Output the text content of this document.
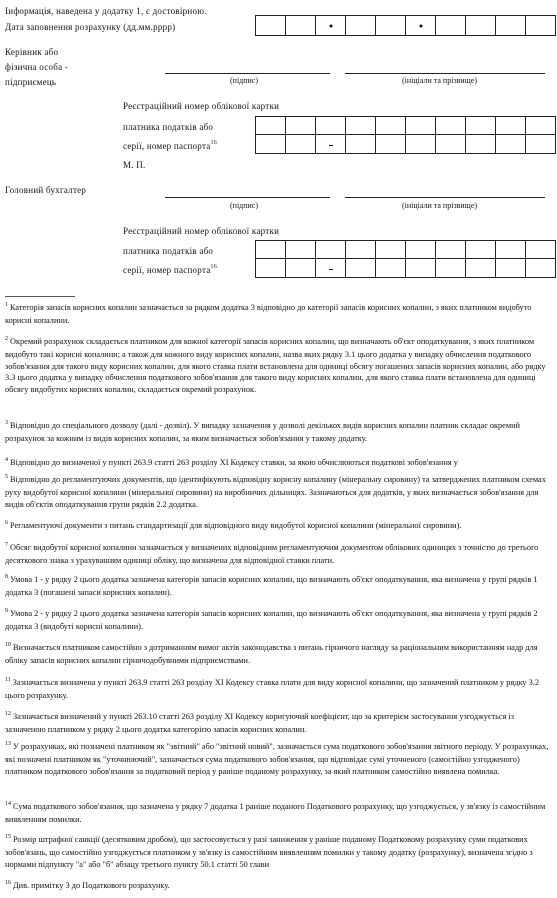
Інформація, наведена у додатку 1, є достовірною.
Дата заповнення розрахунку (дд.мм.рррр)
Керівник або
фізична особа -
підприємець	(підпис)	(ініціали та прізвище)
Реєстраційний номер облікової картки
платника податків або
серії, номер паспорта$^{16}$
М. П.
Головний бухгалтер
(підпис)	(ініціали та прізвище)
Реєстраційний номер облікової картки
платника податків або
серії, номер паспорта$^{16}$
$^1$ Категорія запасів корисних копалин зазначається за рядком додатка 3 відповідно до категорії запасів корисних копалин, з яких платником видобуто корисні копалини.
$^2$ Окремий розрахунок складається платником для кожної категорії запасів корисних копалин, що визначають об'єкт оподаткування, з яких платником видобуто такі корисні копалини; а також для кожного виду корисних копалин, назва яких рядку 3.1 цього додатка у випадку обчислення податкового зобов'язання для такого виду корисних копалин, для якого ставка плати встановлена для одиниці обсягу погашених запасів корисних копалин, або рядку 3.3 цього додатка у випадку обчислення податкового зобов'язання для такого виду корисних копалин, для якого ставка плати встановлена для одиниці обсягу видобутих корисних копалин, складається окремий розрахунок.
$^3$ Відповідно до спеціального дозволу (далі - дозвіл). У випадку зазначення у дозволі декількох видів корисних копалин платник складає окремий розрахунок за кожним із видів корисних копалин, за яким визначається зобов'язання у такому додатку.
$^4$ Відповідно до визначеної у пункті 263.9 статті 263 розділу XI Кодексу ставки, за якою обчислюються податкові зобов'язання у
$^5$ Відповідно до регламентуючих документів, що ідентифікують відповідну корисну копалину (мінеральну сировину) та затверджених платником схемах руху видобутої корисної копалини (мінеральної сировини) на виробничих дільницях. Зазначаються для додатків, у яких визначається зобов'язання для видів об'єктів оподаткування групи рядків 2.2 додатка.
$^6$ Регламентуючі документи з питань стандартизації для відповідного виду видобутої корисної копалини (мінеральної сировини).
$^7$ Обсяг видобутої корисної копалини зазначається у визначених відповідним регламентуючим документом облікових одиницях з точністю до третього десяткового знака з урахуванням одиниці обліку, що визначена для відповідної ставки плати.
$^8$ Умова 1 - у рядку 2 цього додатка зазначена категорія запасів корисних копалин, що визначають об'єкт оподаткування, яка визначена у групі рядків 1 додатка 3 (погашені запаси корисних копалин).
$^9$ Умова 2 - у рядку 2 цього додатка зазначена категорія запасів корисних копалин, що визначають об'єкт оподаткування, яка визначена у групі рядків 2 додатка 3 (видобуті корисні копалини).
$^{10}$ Визначається платником самостійно з дотриманням вимог актів законодавства з питань гірничого нагляду за раціональним використанням надр для обліку запасів корисних копалин гірничодобувними підприємствами.
$^{11}$ Зазначається визначена у пункті 263.9 статті 263 розділу XI Кодексу ставка плати для виду корисної копалини, що зазначений платником у рядку 3.2 цього розрахунку.
$^{12}$ Зазначається визначений у пункті 263.10 статті 263 розділу XI Кодексу коригуючий коефіцієнт, що за критерієм застосування узгоджується із зазначеною платником у рядку 2 цього додатка категорією запасів корисних копалин.
$^{13}$ У розрахунках, які позначені платником як "звітний" або "звітний новий", зазначається сума податкового зобов'язання звітного періоду. У розрахунках, які позначені платником як "уточнюючий", зазначається сума податкового зобов'язання, що відповідає сумі уточненого (самостійно узгодженого) платником податкового зобов'язання за податковий період у раніше поданому розрахунку, за який платником самостійно виявлена помилка.
$^{14}$ Сума податкового зобов'язання, що зазначена у рядку 7 додатка 1 раніше поданого Податкового розрахунку, що узгоджується, у зв'язку із самостійним виявленням помилки.
$^{15}$ Розмір штрафної санкції (десятковим дробом), що застосовується у разі заниження у раніше поданому Податковому розрахунку суми податкових зобов'язань, що самостійно узгоджується платником у зв'язку із самостійним виявленням помилки у такому додатку (розрахунку), визначена згідно з нормами підпункту "а" або "б" абзацу третього пункту 50.1 статті 50 глави
$^{16}$ Див. примітку 3 до Податкового розрахунку.
